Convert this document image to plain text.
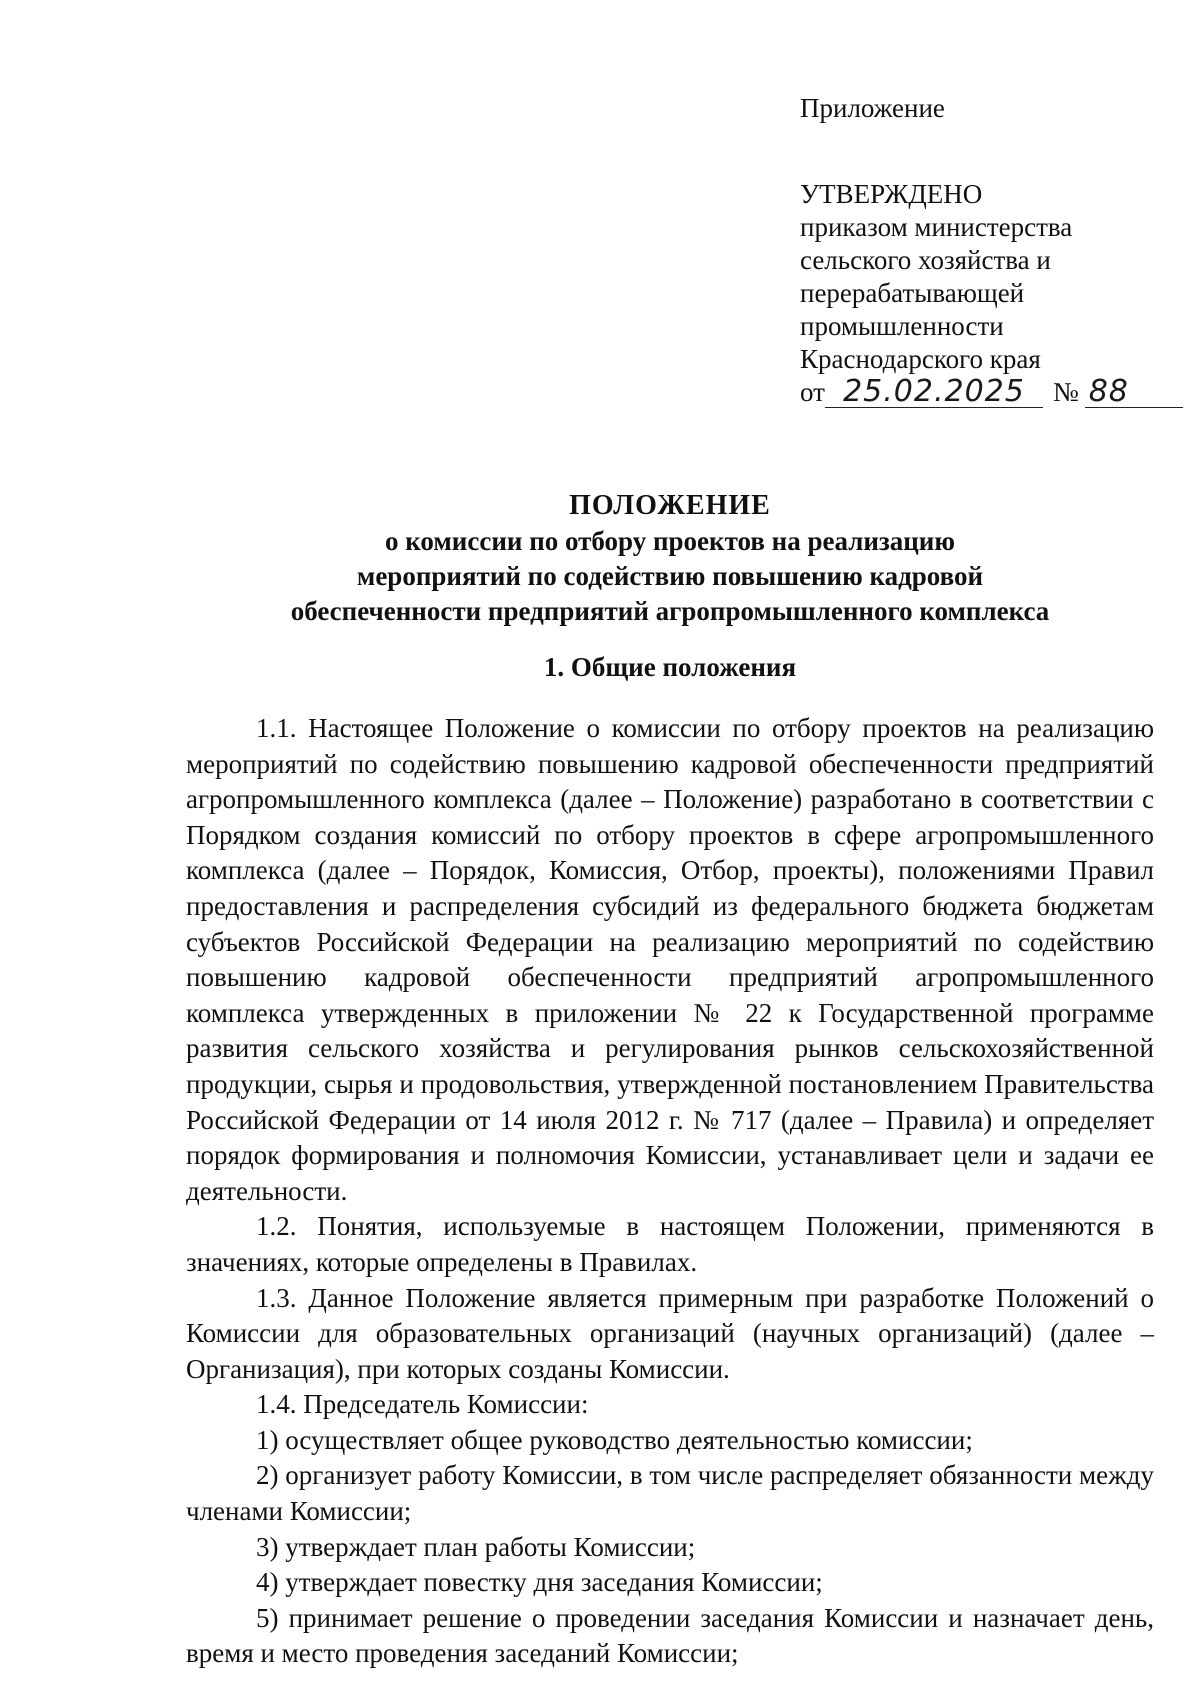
Приложение
УТВЕРЖДЕНО
приказом министерства
сельского хозяйства и
перерабатывающей
промышленности
Краснодарского края
от 25.02.2025 № 88
ПОЛОЖЕНИЕ
о комиссии по отбору проектов на реализацию
мероприятий по содействию повышению кадровой
обеспеченности предприятий агропромышленного комплекса
1. Общие положения

1.1. Настоящее Положение о комиссии по отбору проектов на реализацию мероприятий по содействию повышению кадровой обеспеченности предприятий агропромышленного комплекса (далее – Положение) разработано в соответствии с Порядком создания комиссий по отбору проектов в сфере агропромышленного комплекса (далее – Порядок, Комиссия, Отбор, проекты), положениями Правил предоставления и распределения субсидий из федерального бюджета бюджетам субъектов Российской Федерации на реализацию мероприятий по содействию повышению кадровой обеспеченности предприятий агропромышленного комплекса утвержденных в приложении № 22 к Государственной программе развития сельского хозяйства и регулирования рынков сельскохозяйственной продукции, сырья и продовольствия, утвержденной постановлением Правительства Российской Федерации от 14 июля 2012 г. № 717 (далее – Правила) и определяет порядок формирования и полномочия Комиссии, устанавливает цели и задачи ее деятельности.

1.2. Понятия, используемые в настоящем Положении, применяются в значениях, которые определены в Правилах.

1.3. Данное Положение является примерным при разработке Положений о Комиссии для образовательных организаций (научных организаций) (далее – Организация), при которых созданы Комиссии.

1.4. Председатель Комиссии:

1) осуществляет общее руководство деятельностью комиссии;

2) организует работу Комиссии, в том числе распределяет обязанности между членами Комиссии;

3) утверждает план работы Комиссии;

4) утверждает повестку дня заседания Комиссии;

5) принимает решение о проведении заседания Комиссии и назначает день, время и место проведения заседаний Комиссии;
